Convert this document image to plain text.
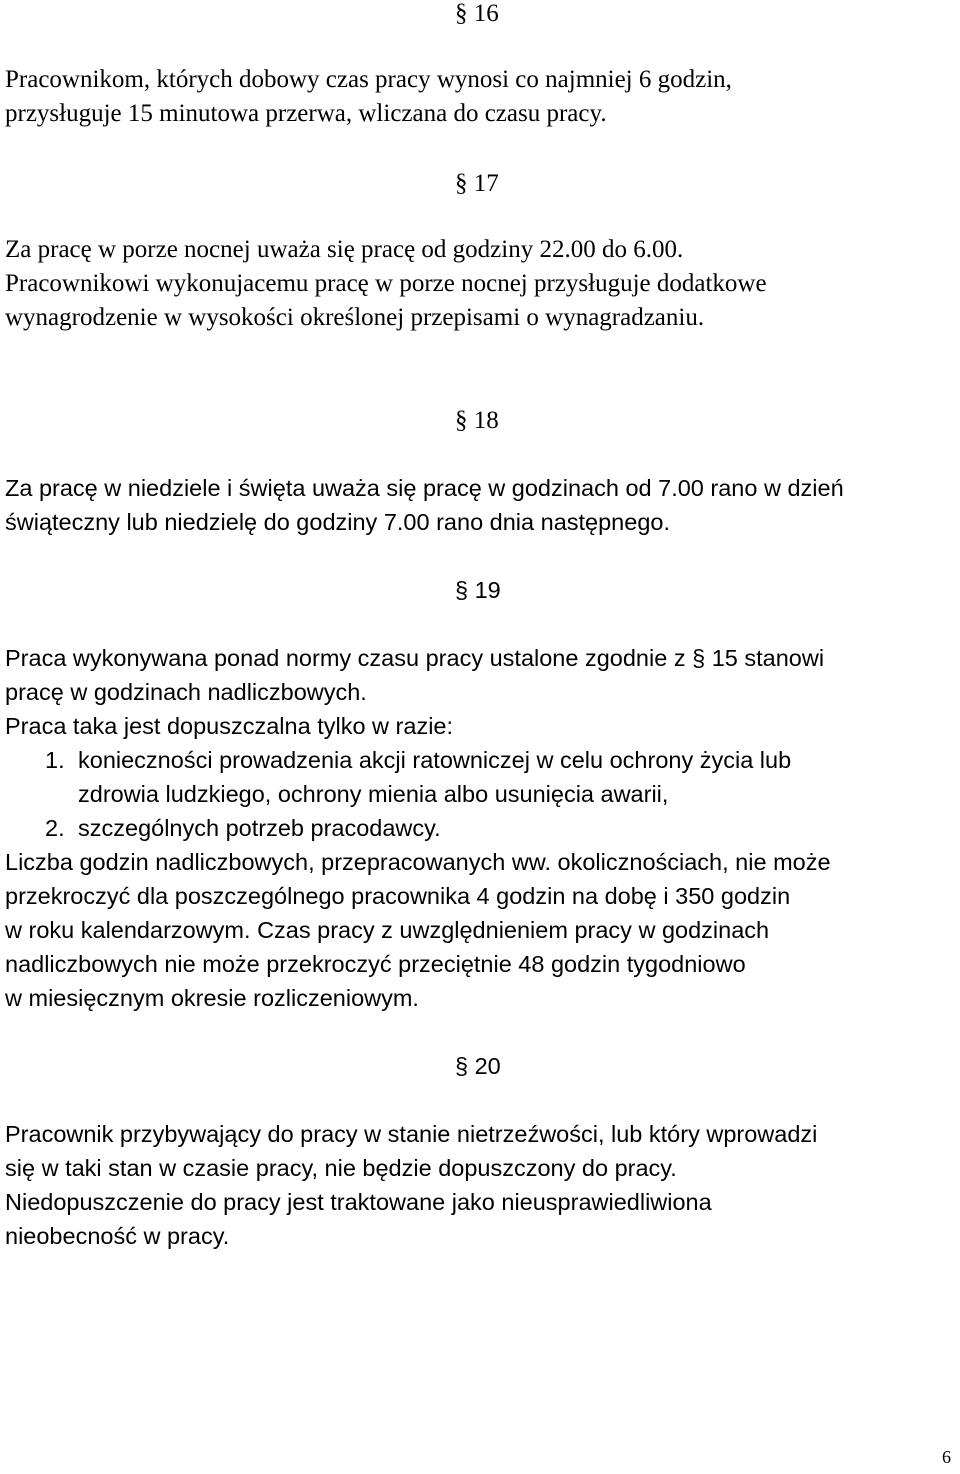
§ 16
Pracownikom, których dobowy czas pracy wynosi co najmniej 6 godzin,
przysługuje 15 minutowa przerwa, wliczana do czasu pracy.
§ 17
Za pracę w porze nocnej uważa się pracę od godziny 22.00 do 6.00.
Pracownikowi wykonujacemu pracę w porze nocnej przysługuje dodatkowe
wynagrodzenie w wysokości określonej przepisami o wynagradzaniu.
§ 18
Za pracę w niedziele i święta uważa się pracę w godzinach od 7.00 rano w dzień
świąteczny lub niedzielę do godziny 7.00 rano dnia następnego.
§ 19
Praca wykonywana ponad normy czasu pracy ustalone zgodnie z § 15 stanowi
pracę w godzinach nadliczbowych.
Praca taka jest dopuszczalna tylko w razie:
1. konieczności prowadzenia akcji ratowniczej w celu ochrony życia lub
zdrowia ludzkiego, ochrony mienia albo usunięcia awarii,
2. szczególnych potrzeb pracodawcy.
Liczba godzin nadliczbowych, przepracowanych ww. okolicznościach, nie może
przekroczyć dla poszczególnego pracownika 4 godzin na dobę i 350 godzin
w roku kalendarzowym. Czas pracy z uwzględnieniem pracy w godzinach
nadliczbowych nie może przekroczyć przeciętnie 48 godzin tygodniowo
w miesięcznym okresie rozliczeniowym.
§ 20
Pracownik przybywający do pracy w stanie nietrzeźwości, lub który wprowadzi
się w taki stan w czasie pracy, nie będzie dopuszczony do pracy.
Niedopuszczenie do pracy jest traktowane jako nieusprawiedliwiona
nieobecność w pracy.
6
